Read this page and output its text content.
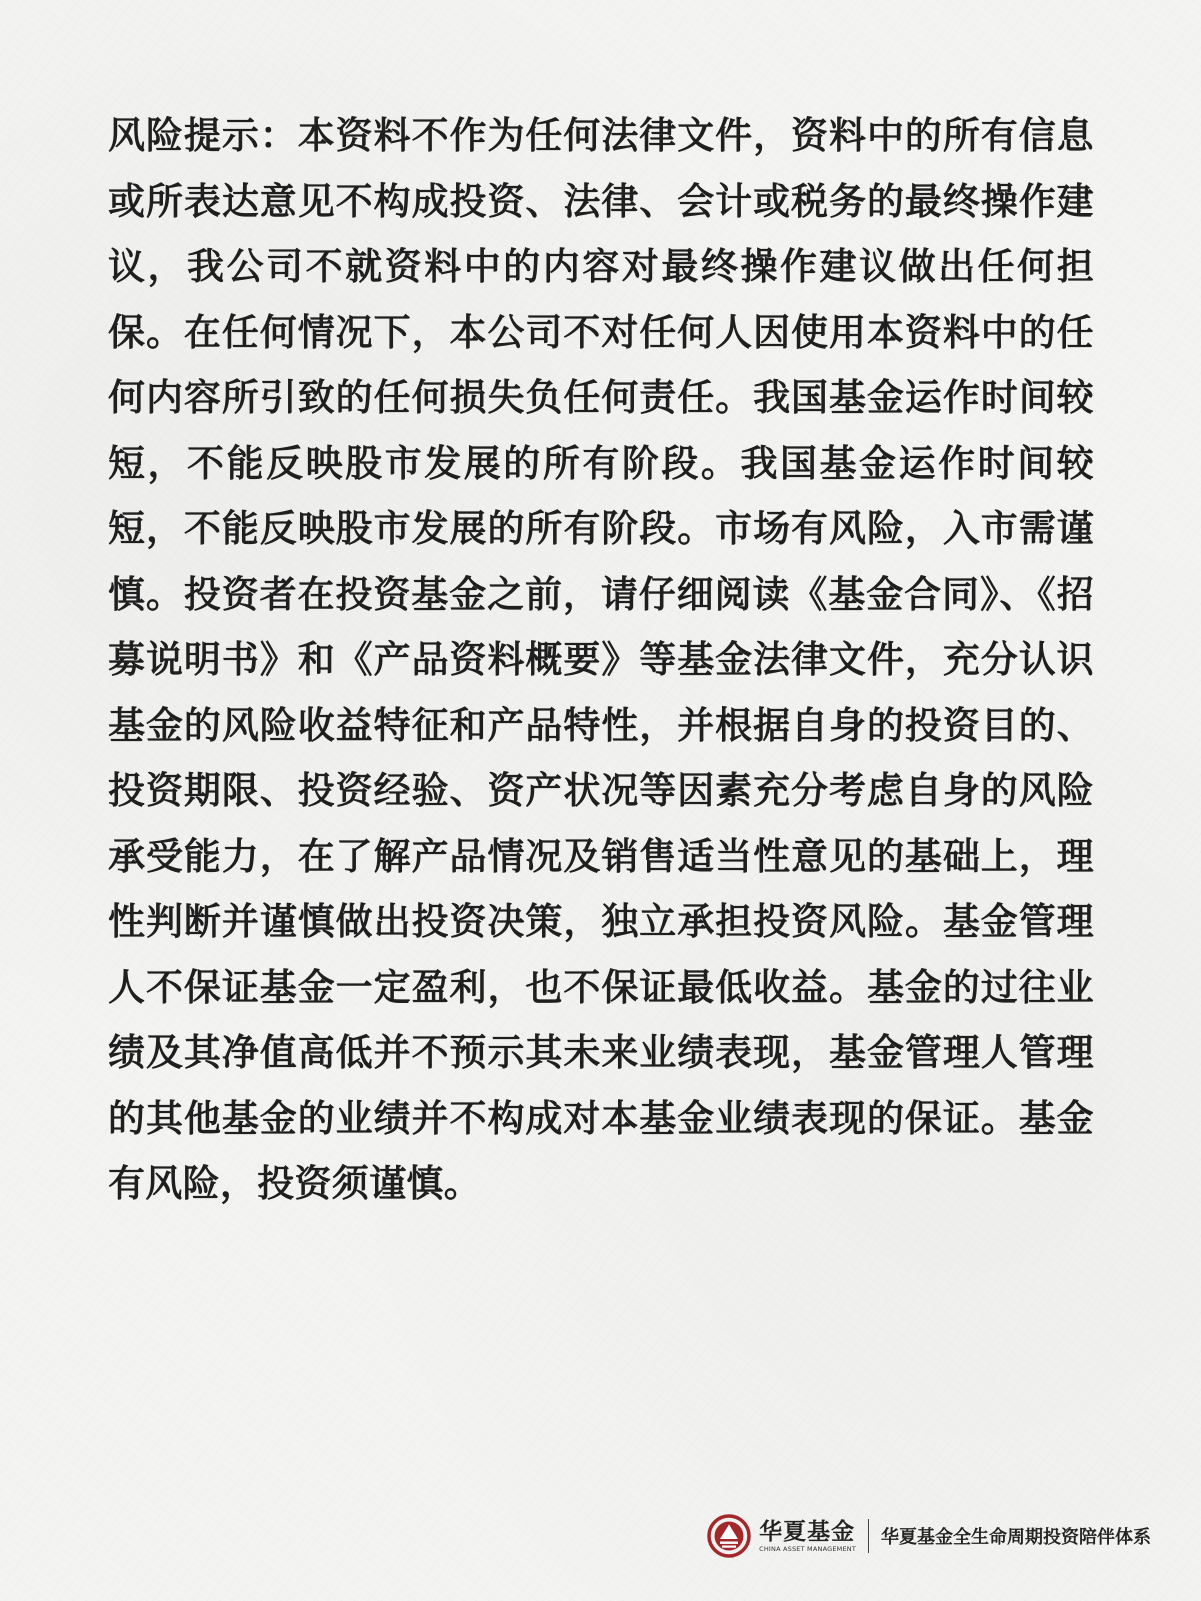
风险提示：本资料不作为任何法律文件，资料中的所有信息或所表达意见不构成投资、法律、会计或税务的最终操作建议，我公司不就资料中的内容对最终操作建议做出任何担保。在任何情况下，本公司不对任何人因使用本资料中的任何内容所引致的任何损失负任何责任。我国基金运作时间较短，不能反映股市发展的所有阶段。我国基金运作时间较短，不能反映股市发展的所有阶段。市场有风险，入市需谨慎。投资者在投资基金之前，请仔细阅读《基金合同》、《招募说明书》和《产品资料概要》等基金法律文件，充分认识基金的风险收益特征和产品特性，并根据自身的投资目的、投资期限、投资经验、资产状况等因素充分考虑自身的风险承受能力，在了解产品情况及销售适当性意见的基础上，理性判断并谨慎做出投资决策，独立承担投资风险。基金管理人不保证基金一定盈利，也不保证最低收益。基金的过往业绩及其净值高低并不预示其未来业绩表现，基金管理人管理的其他基金的业绩并不构成对本基金业绩表现的保证。基金有风险，投资须谨慎。

华夏基金
CHINA ASSET MANAGEMENT
华夏基金全生命周期投资陪伴体系
